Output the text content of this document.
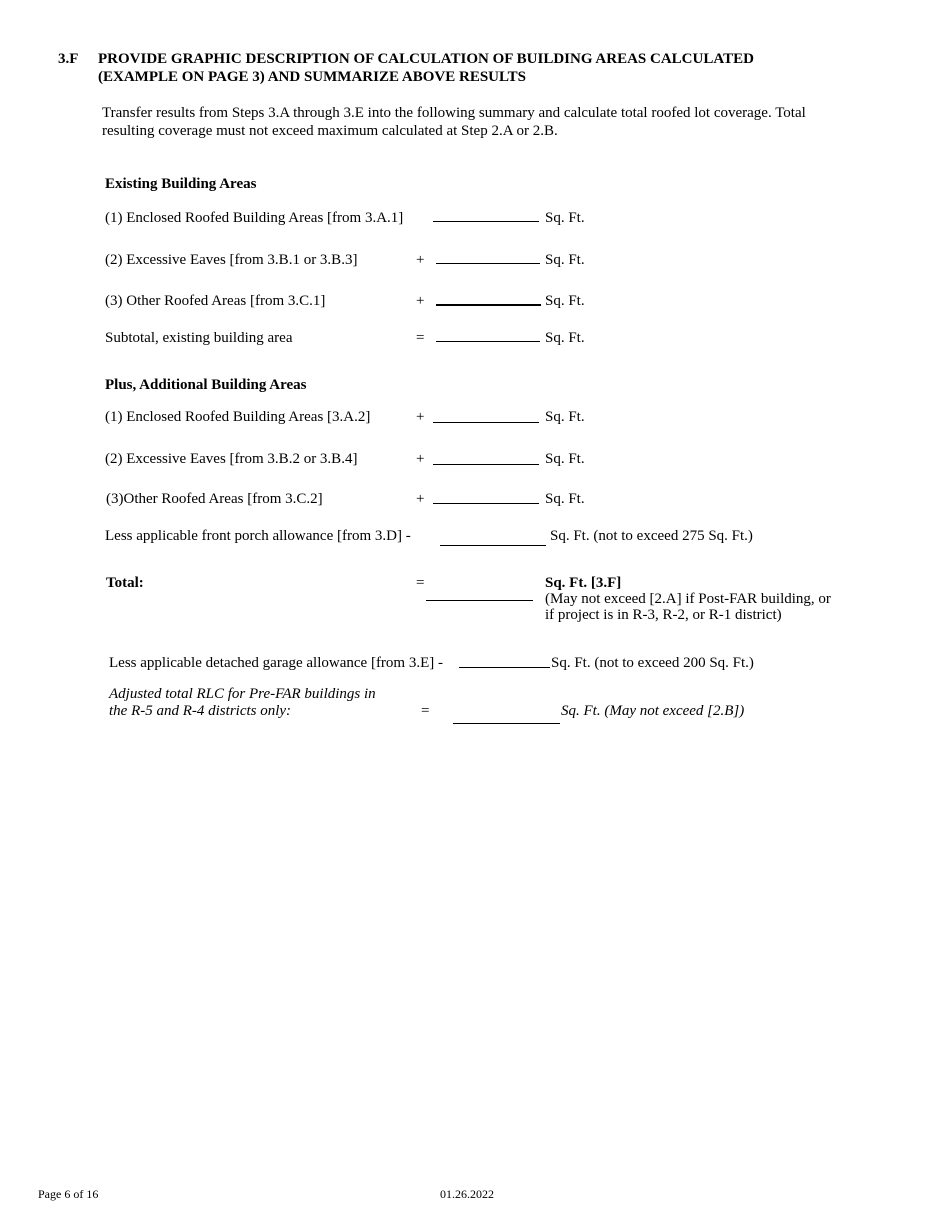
3.F PROVIDE GRAPHIC DESCRIPTION OF CALCULATION OF BUILDING AREAS CALCULATED
(EXAMPLE ON PAGE 3) AND SUMMARIZE ABOVE RESULTS
Transfer results from Steps 3.A through 3.E into the following summary and calculate total roofed lot coverage. Total
resulting coverage must not exceed maximum calculated at Step 2.A or 2.B.
Existing Building Areas
(1) Enclosed Roofed Building Areas [from 3.A.1]	Sq. Ft.
(2) Excessive Eaves [from 3.B.1 or 3.B.3]	+	Sq. Ft.
(3) Other Roofed Areas [from 3.C.1]	+	Sq. Ft.
Subtotal, existing building area	=	Sq. Ft.
Plus, Additional Building Areas
(1) Enclosed Roofed Building Areas [3.A.2]	+	Sq. Ft.
(2) Excessive Eaves [from 3.B.2 or 3.B.4]	+	Sq. Ft.
(3)Other Roofed Areas [from 3.C.2]	+	Sq. Ft.
Less applicable front porch allowance [from 3.D] -	Sq. Ft. (not to exceed 275 Sq. Ft.)
Total:	=	Sq. Ft. [3.F]
(May not exceed [2.A] if Post-FAR building, or
if project is in R-3, R-2, or R-1 district)
Less applicable detached garage allowance [from 3.E] -	Sq. Ft. (not to exceed 200 Sq. Ft.)
Adjusted total RLC for Pre-FAR buildings in
the R-5 and R-4 districts only:	=	Sq. Ft. (May not exceed [2.B])
Page 6 of 16	01.26.2022
